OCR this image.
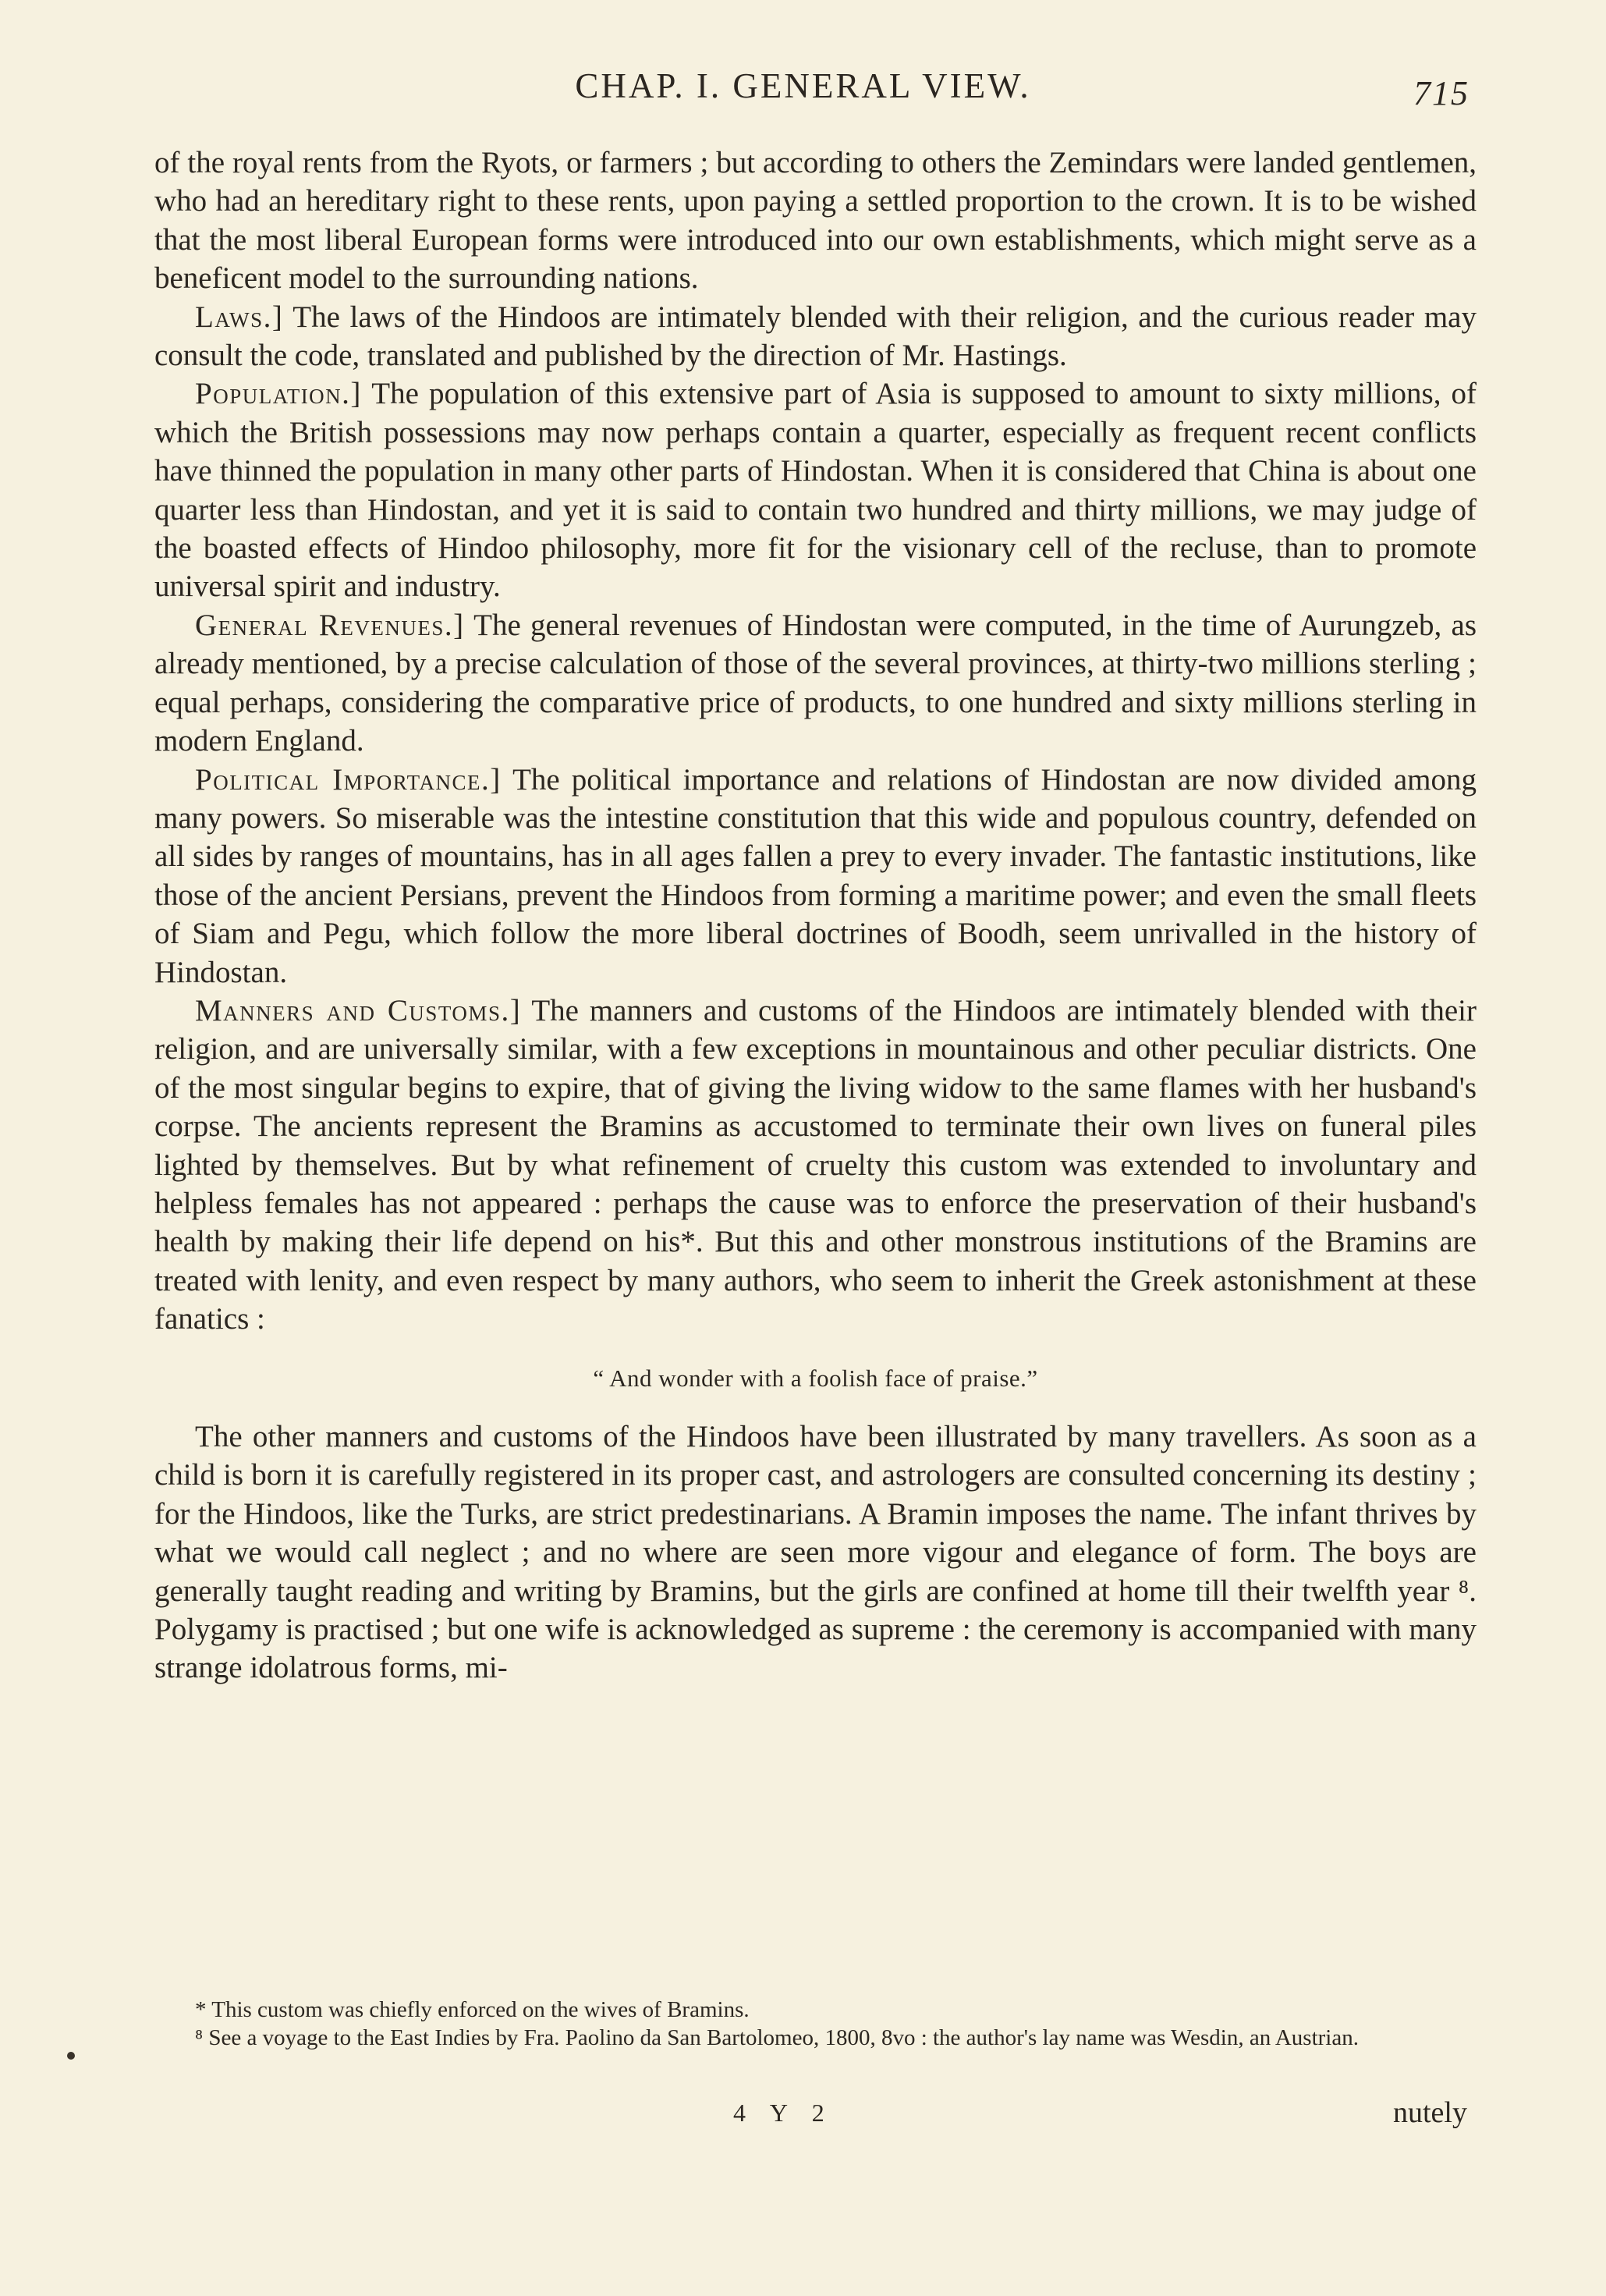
CHAP. I. GENERAL VIEW.	715

of the royal rents from the Ryots, or farmers ; but according to others the Zemindars were landed gentlemen, who had an hereditary right to these rents, upon paying a settled proportion to the crown. It is to be wished that the most liberal European forms were introduced into our own establishments, which might serve as a beneficent model to the surrounding nations.

Laws.] The laws of the Hindoos are intimately blended with their religion, and the curious reader may consult the code, translated and published by the direction of Mr. Hastings.

Population.] The population of this extensive part of Asia is supposed to amount to sixty millions, of which the British possessions may now perhaps contain a quarter, especially as frequent recent conflicts have thinned the population in many other parts of Hindostan. When it is considered that China is about one quarter less than Hindostan, and yet it is said to contain two hundred and thirty millions, we may judge of the boasted effects of Hindoo philosophy, more fit for the visionary cell of the recluse, than to promote universal spirit and industry.

General Revenues.] The general revenues of Hindostan were computed, in the time of Aurungzeb, as already mentioned, by a precise calculation of those of the several provinces, at thirty-two millions sterling ; equal perhaps, considering the comparative price of products, to one hundred and sixty millions sterling in modern England.

Political Importance.] The political importance and relations of Hindostan are now divided among many powers. So miserable was the intestine constitution that this wide and populous country, defended on all sides by ranges of mountains, has in all ages fallen a prey to every invader. The fantastic institutions, like those of the ancient Persians, prevent the Hindoos from forming a maritime power; and even the small fleets of Siam and Pegu, which follow the more liberal doctrines of Boodh, seem unrivalled in the history of Hindostan.

Manners and Customs.] The manners and customs of the Hindoos are intimately blended with their religion, and are universally similar, with a few exceptions in mountainous and other peculiar districts. One of the most singular begins to expire, that of giving the living widow to the same flames with her husband's corpse. The ancients represent the Bramins as accustomed to terminate their own lives on funeral piles lighted by themselves. But by what refinement of cruelty this custom was extended to involuntary and helpless females has not appeared : perhaps the cause was to enforce the preservation of their husband's health by making their life depend on his*. But this and other monstrous institutions of the Bramins are treated with lenity, and even respect by many authors, who seem to inherit the Greek astonishment at these fanatics :

“ And wonder with a foolish face of praise.”

The other manners and customs of the Hindoos have been illustrated by many travellers. As soon as a child is born it is carefully registered in its proper cast, and astrologers are consulted concerning its destiny ; for the Hindoos, like the Turks, are strict predestinarians. A Bramin imposes the name. The infant thrives by what we would call neglect ; and no where are seen more vigour and elegance of form. The boys are generally taught reading and writing by Bramins, but the girls are confined at home till their twelfth year ⁸. Polygamy is practised ; but one wife is acknowledged as supreme : the ceremony is accompanied with many strange idolatrous forms, mi-

* This custom was chiefly enforced on the wives of Bramins.

⁸ See a voyage to the East Indies by Fra. Paolino da San Bartolomeo, 1800, 8vo : the author's lay name was Wesdin, an Austrian.

4 Y 2	nutely
